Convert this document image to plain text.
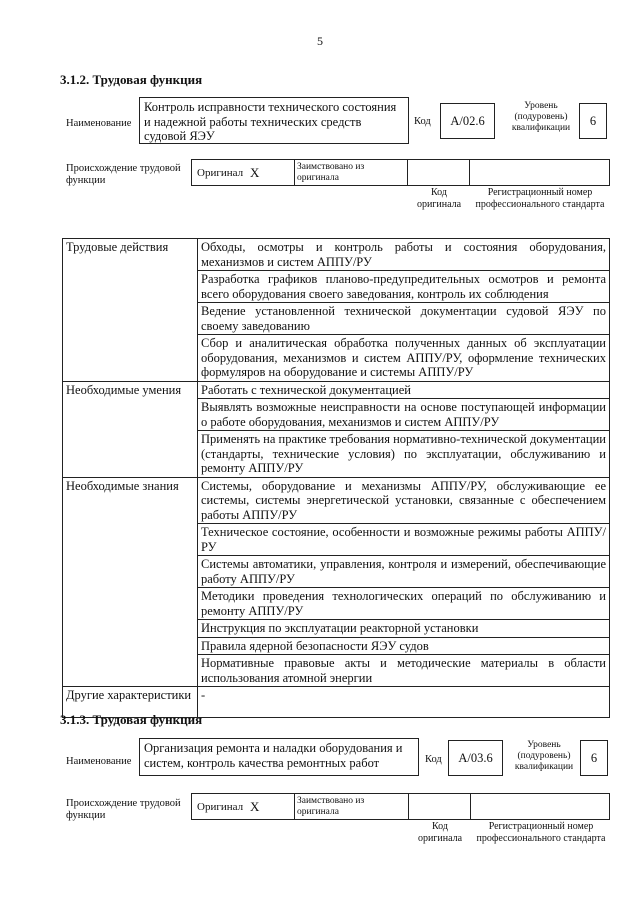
5
3.1.2. Трудовая функция
Наименование
Контроль исправности технического состояния и надежной работы технических средств судовой ЯЭУ
Код	A/02.6
Уровень (подуровень) квалификации
6
Происхождение трудовой функции
Оригинал X	Заимствовано из оригинала
Код оригинала
Регистрационный номер профессионального стандарта
Трудовые действия	Обходы, осмотры и контроль работы и состояния оборудования, механизмов и систем АППУ/РУ
	Разработка графиков планово-предупредительных осмотров и ремонта всего оборудования своего заведования, контроль их соблюдения
	Ведение установленной технической документации судовой ЯЭУ по своему заведованию
	Сбор и аналитическая обработка полученных данных об эксплуатации оборудования, механизмов и систем АППУ/РУ, оформление технических формуляров на оборудование и системы АППУ/РУ
Необходимые умения	Работать с технической документацией
	Выявлять возможные неисправности на основе поступающей информации о работе оборудования, механизмов и систем АППУ/РУ
	Применять на практике требования нормативно-технической документации (стандарты, технические условия) по эксплуатации, обслуживанию и ремонту АППУ/РУ
Необходимые знания	Системы, оборудование и механизмы АППУ/РУ, обслуживающие ее системы, системы энергетической установки, связанные с обеспечением работы АППУ/РУ
	Техническое состояние, особенности и возможные режимы работы АППУ/РУ
	Системы автоматики, управления, контроля и измерений, обеспечивающие работу АППУ/РУ
	Методики проведения технологических операций по обслуживанию и ремонту АППУ/РУ
	Инструкция по эксплуатации реакторной установки
	Правила ядерной безопасности ЯЭУ судов
	Нормативные правовые акты и методические материалы в области использования атомной энергии
Другие характеристики	-
3.1.3. Трудовая функция
Наименование
Организация ремонта и наладки оборудования и систем, контроль качества ремонтных работ	Код	A/03.6
Уровень (подуровень) квалификации
6
Происхождение трудовой функции
Оригинал X	Заимствовано из оригинала
Код оригинала
Регистрационный номер профессионального стандарта
